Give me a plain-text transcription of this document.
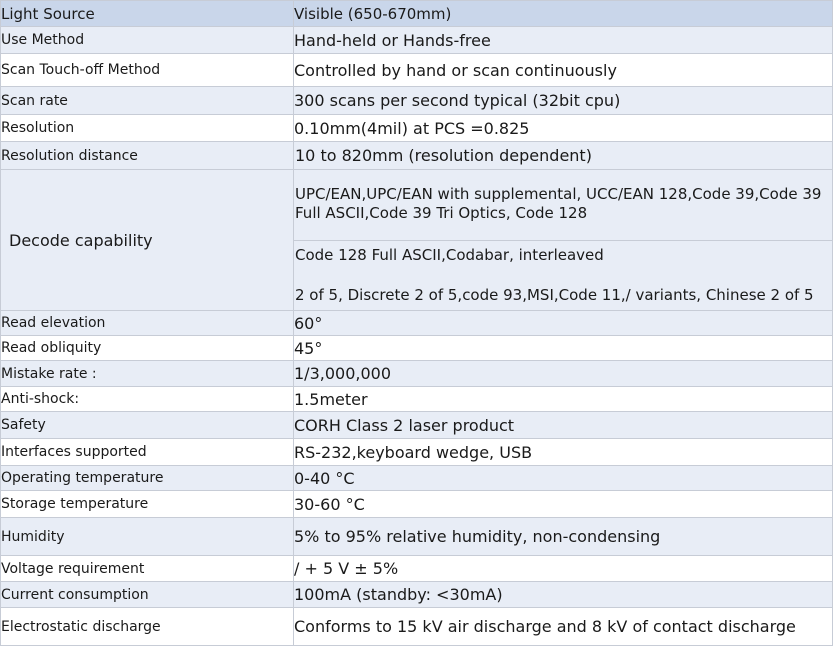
Light Source	Visible (650-670mm)
Use Method	Hand-held or Hands-free
Scan Touch-off Method	Controlled by hand or scan continuously
Scan rate	300 scans per second typical (32bit cpu)
Resolution	0.10mm(4mil) at PCS =0.825
Resolution distance	10 to 820mm (resolution dependent)
Decode capability	UPC/EAN,UPC/EAN with supplemental, UCC/EAN 128,Code 39,Code 39
Full ASCII,Code 39 Tri Optics, Code 128
Code 128 Full ASCII,Codabar, interleaved
2 of 5, Discrete 2 of 5,code 93,MSI,Code 11,/ variants, Chinese 2 of 5

Read elevation	60°
Read obliquity	45°
Mistake rate :	1/3,000,000
Anti-shock:	1.5meter
Safety	CORH Class 2 laser product
Interfaces supported	RS-232,keyboard wedge, USB
Operating temperature	0-40 °C
Storage temperature	30-60 °C
Humidity	5% to 95% relative humidity, non-condensing
Voltage requirement	/ + 5 V ± 5%
Current consumption	100mA (standby: <30mA)
Electrostatic discharge	Conforms to 15 kV air discharge and 8 kV of contact discharge
